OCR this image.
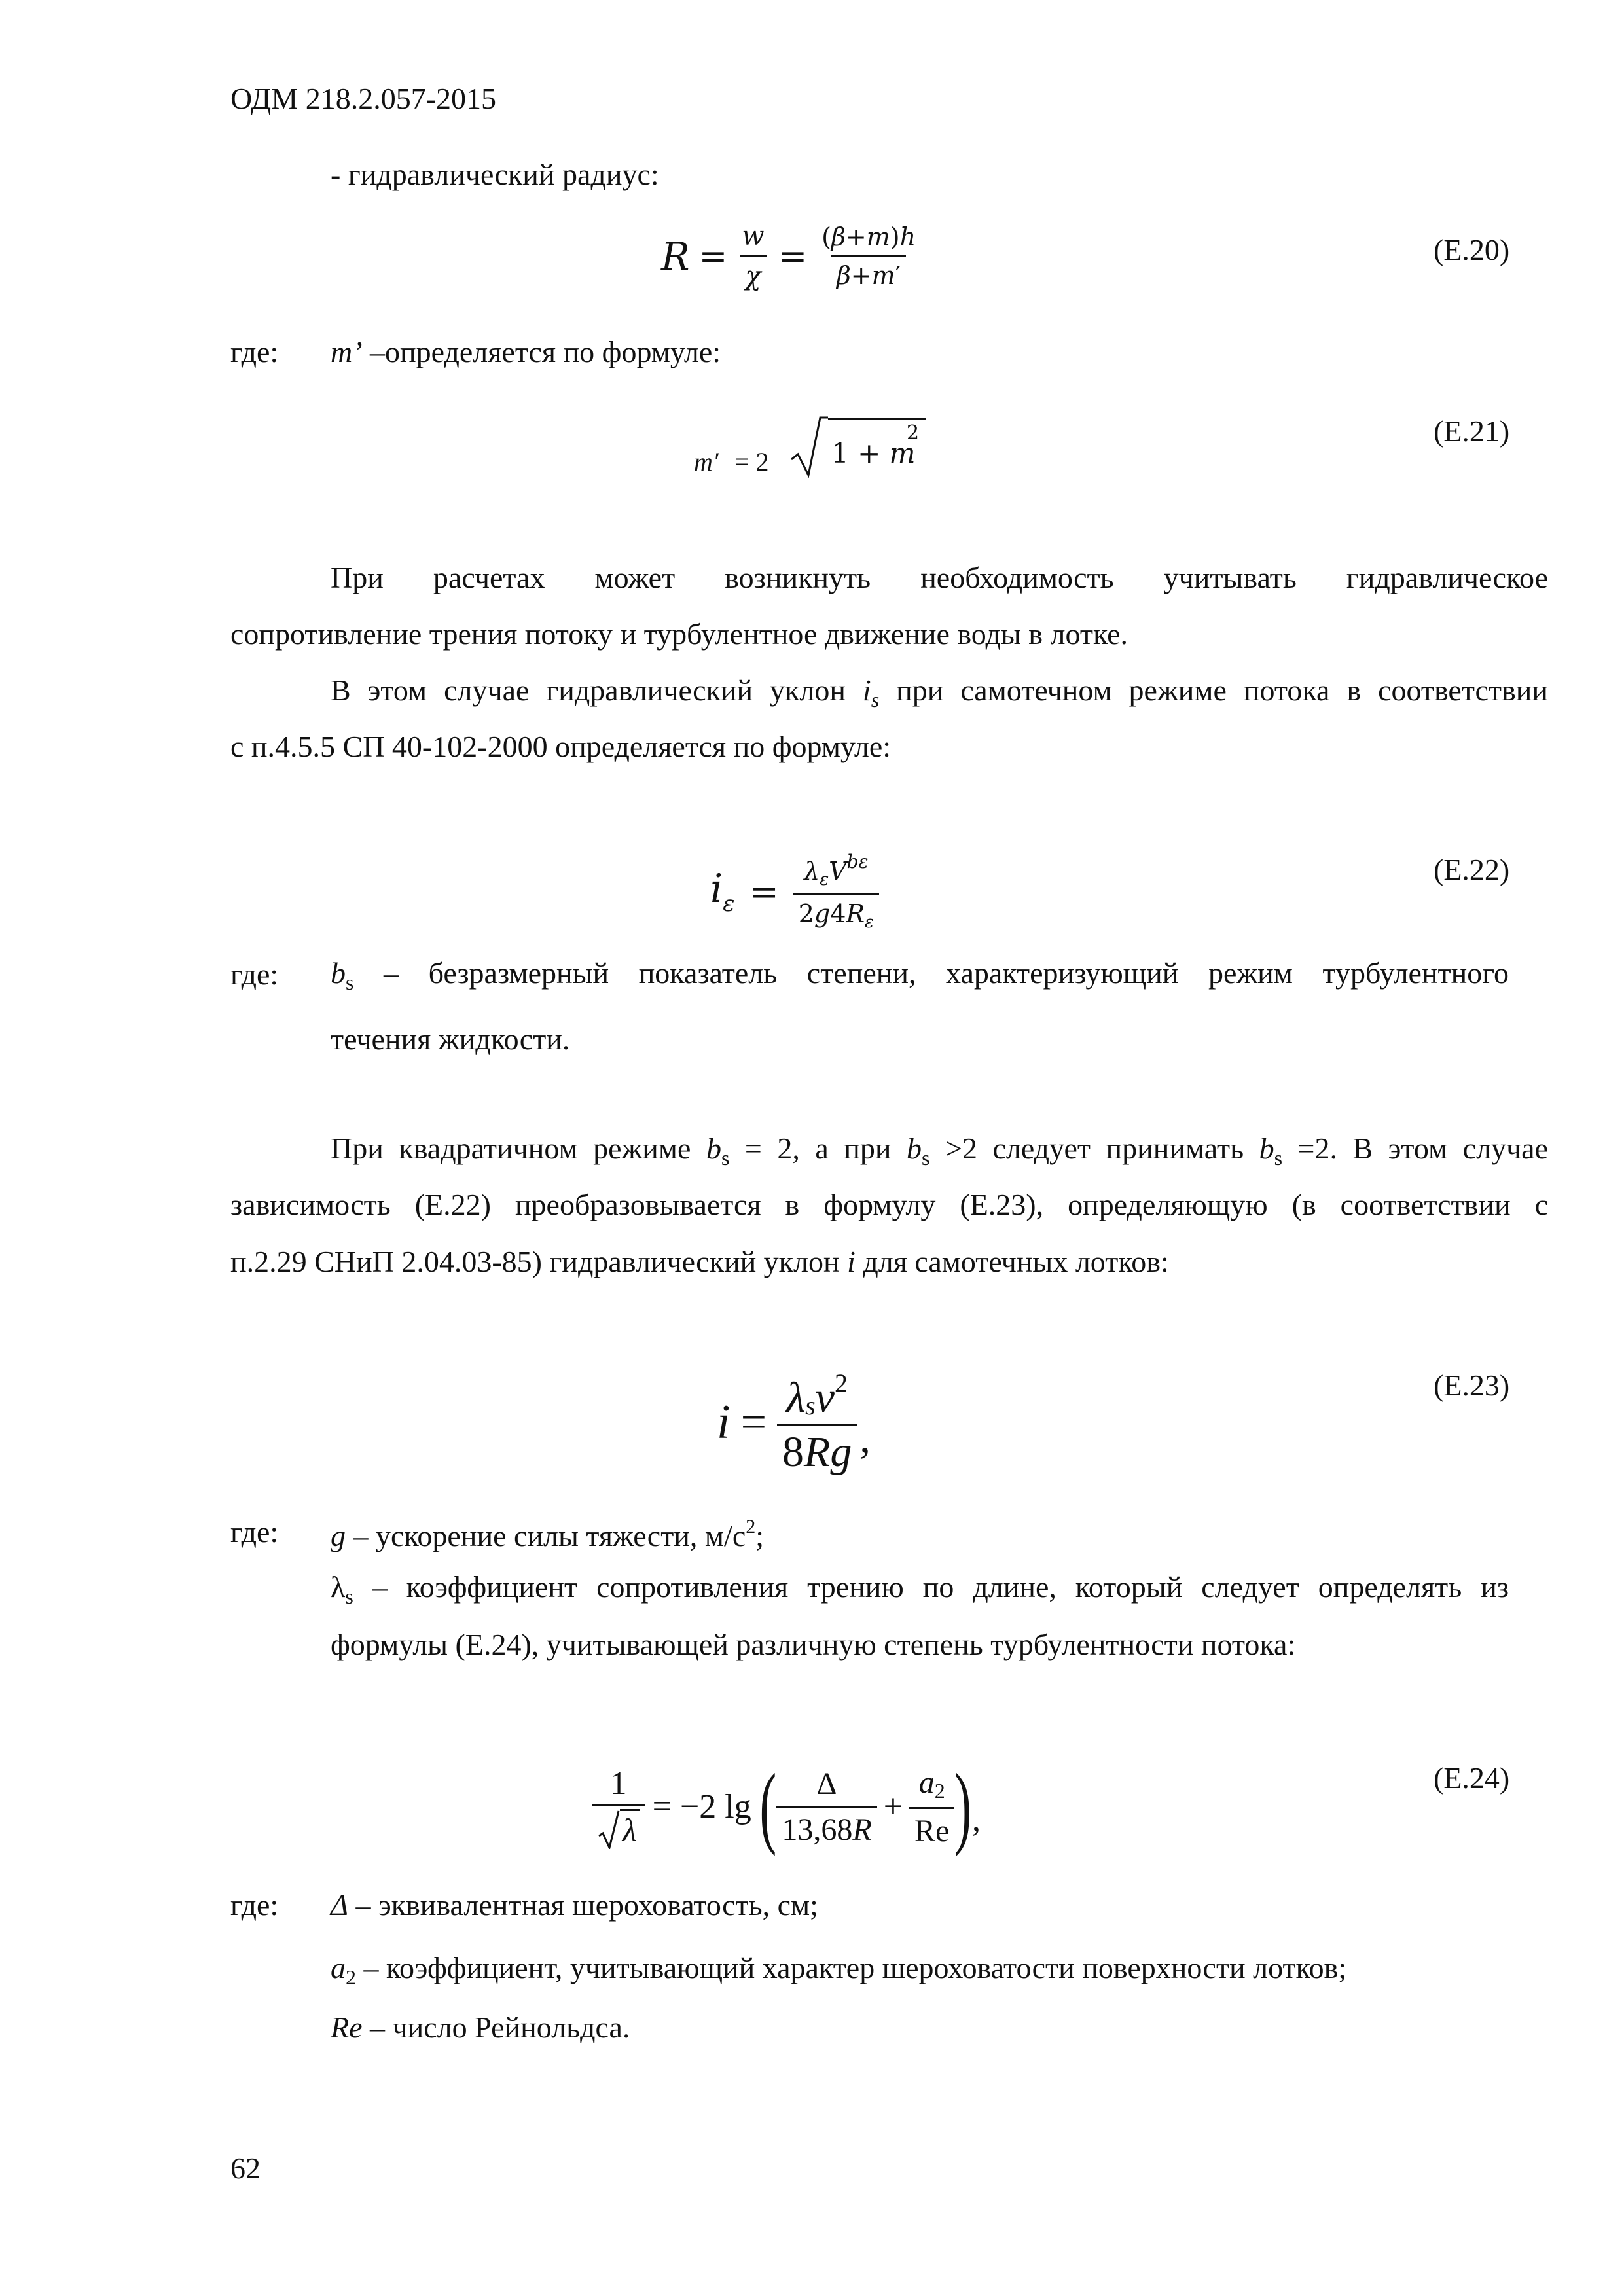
ОДМ 218.2.057-2015
- гидравлический радиус:
$R = \frac{w}{\chi} = \frac{(\beta+m)h}{\beta+m'}$	(Е.20)
где: m’ –определяется по формуле:
m′ = 2 1 + m
2	(Е.21)
При расчетах может возникнуть необходимость учитывать гидравлическое
сопротивление трения потоку и турбулентное движение воды в лотке.
В этом случае гидравлический уклон $i_s$ при самотечном режиме потока в соответствии
с п.4.5.5 СП 40-102-2000 определяется по формуле:
$i_\varepsilon = \frac{\lambda_\varepsilon V^{b\varepsilon}}{2g4R_\varepsilon}$	(Е.22)
где: $b_s$ – безразмерный показатель степени, характеризующий режим турбулентного
течения жидкости.
При квадратичном режиме $b_s = 2$, а при $b_s >2$ следует принимать $b_s =2$. В этом случае
зависимость (Е.22) преобразовывается в формулу (Е.23), определяющую (в соответствии с
п.2.29 СНиП 2.04.03-85) гидравлический уклон i для самотечных лотков:
$i = \frac{\lambda sv^2}{8Rg}$ ,
(Е.23)
где: g – ускорение силы тяжести, $м/с^2$;
$\lambda_s$ – коэффициент сопротивления трению по длине, который следует определять из
формулы (Е.24), учитывающей различную степень турбулентности потока:
$\frac{1}{\lambda} = -2$ lg ( $\frac{\Delta}{13,68R} + \frac{a2}{Re}$ ) ,
(Е.24)
где: Δ – эквивалентная шероховатость, см;
$a_2$ – коэффициент, учитывающий характер шероховатости поверхности лотков;
Re – число Рейнольдса.
62
